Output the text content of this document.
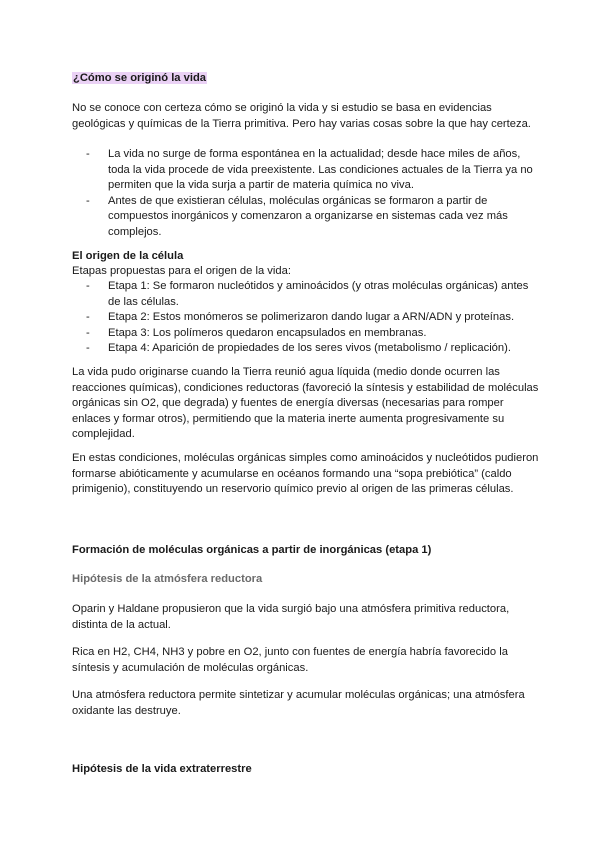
¿Cómo se originó la vida

No se conoce con certeza cómo se originó la vida y si estudio se basa en evidencias geológicas y químicas de la Tierra primitiva. Pero hay varias cosas sobre la que hay certeza.

- La vida no surge de forma espontánea en la actualidad; desde hace miles de años, toda la vida procede de vida preexistente. Las condiciones actuales de la Tierra ya no permiten que la vida surja a partir de materia química no viva.
- Antes de que existieran células, moléculas orgánicas se formaron a partir de compuestos inorgánicos y comenzaron a organizarse en sistemas cada vez más complejos.
El origen de la célula
Etapas propuestas para el origen de la vida:
- Etapa 1: Se formaron nucleótidos y aminoácidos (y otras moléculas orgánicas) antes de las células.
- Etapa 2: Estos monómeros se polimerizaron dando lugar a ARN/ADN y proteínas.
- Etapa 3: Los polímeros quedaron encapsulados en membranas.
- Etapa 4: Aparición de propiedades de los seres vivos (metabolismo / replicación).

La vida pudo originarse cuando la Tierra reunió agua líquida (medio donde ocurren las reacciones químicas), condiciones reductoras (favoreció la síntesis y estabilidad de moléculas orgánicas sin O2, que degrada) y fuentes de energía diversas (necesarias para romper enlaces y formar otros), permitiendo que la materia inerte aumenta progresivamente su complejidad.

En estas condiciones, moléculas orgánicas simples como aminoácidos y nucleótidos pudieron formarse abióticamente y acumularse en océanos formando una “sopa prebiótica” (caldo primigenio), constituyendo un reservorio químico previo al origen de las primeras células.

Formación de moléculas orgánicas a partir de inorgánicas (etapa 1)
Hipótesis de la atmósfera reductora

Oparin y Haldane propusieron que la vida surgió bajo una atmósfera primitiva reductora, distinta de la actual.

Rica en H2, CH4, NH3 y pobre en O2, junto con fuentes de energía habría favorecido la síntesis y acumulación de moléculas orgánicas.

Una atmósfera reductora permite sintetizar y acumular moléculas orgánicas; una atmósfera oxidante las destruye.

Hipótesis de la vida extraterrestre
